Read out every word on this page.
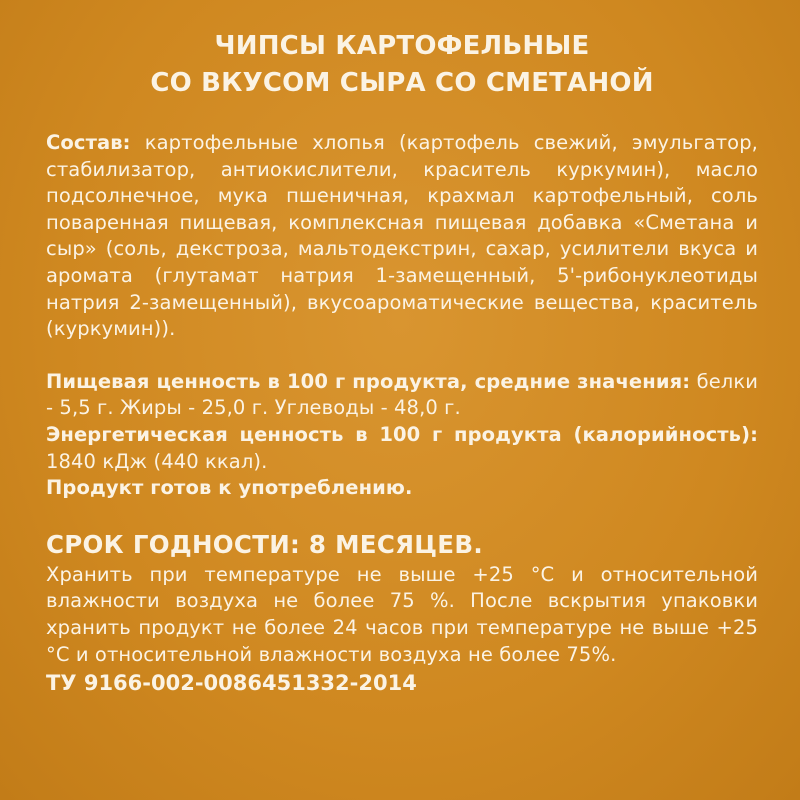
ЧИПСЫ КАРТОФЕЛЬНЫЕ
СО ВКУСОМ СЫРА СО СМЕТАНОЙ

Состав: картофельные хлопья (картофель свежий, эмульгатор, стабилизатор, антиокислители, краситель куркумин), масло подсолнечное, мука пшеничная, крахмал картофельный, соль поваренная пищевая, комплексная пищевая добавка «Сметана и сыр» (соль, декстроза, мальтодекстрин, сахар, усилители вкуса и аромата (глутамат натрия 1-замещенный, 5'-рибонуклеотиды натрия 2-замещенный), вкусоароматические вещества, краситель (куркумин)).

Пищевая ценность в 100 г продукта, средние значения: белки - 5,5 г. Жиры - 25,0 г. Углеводы - 48,0 г.

Энергетическая ценность в 100 г продукта (калорийность): 1840 кДж (440 ккал).

Продукт готов к употреблению.

СРОК ГОДНОСТИ: 8 МЕСЯЦЕВ.

Хранить при температуре не выше +25 °С и относительной влажности воздуха не более 75 %. После вскрытия упаковки хранить продукт не более 24 часов при температуре не выше +25 °С и относительной влажности воздуха не более 75%.

ТУ 9166-002-0086451332-2014
